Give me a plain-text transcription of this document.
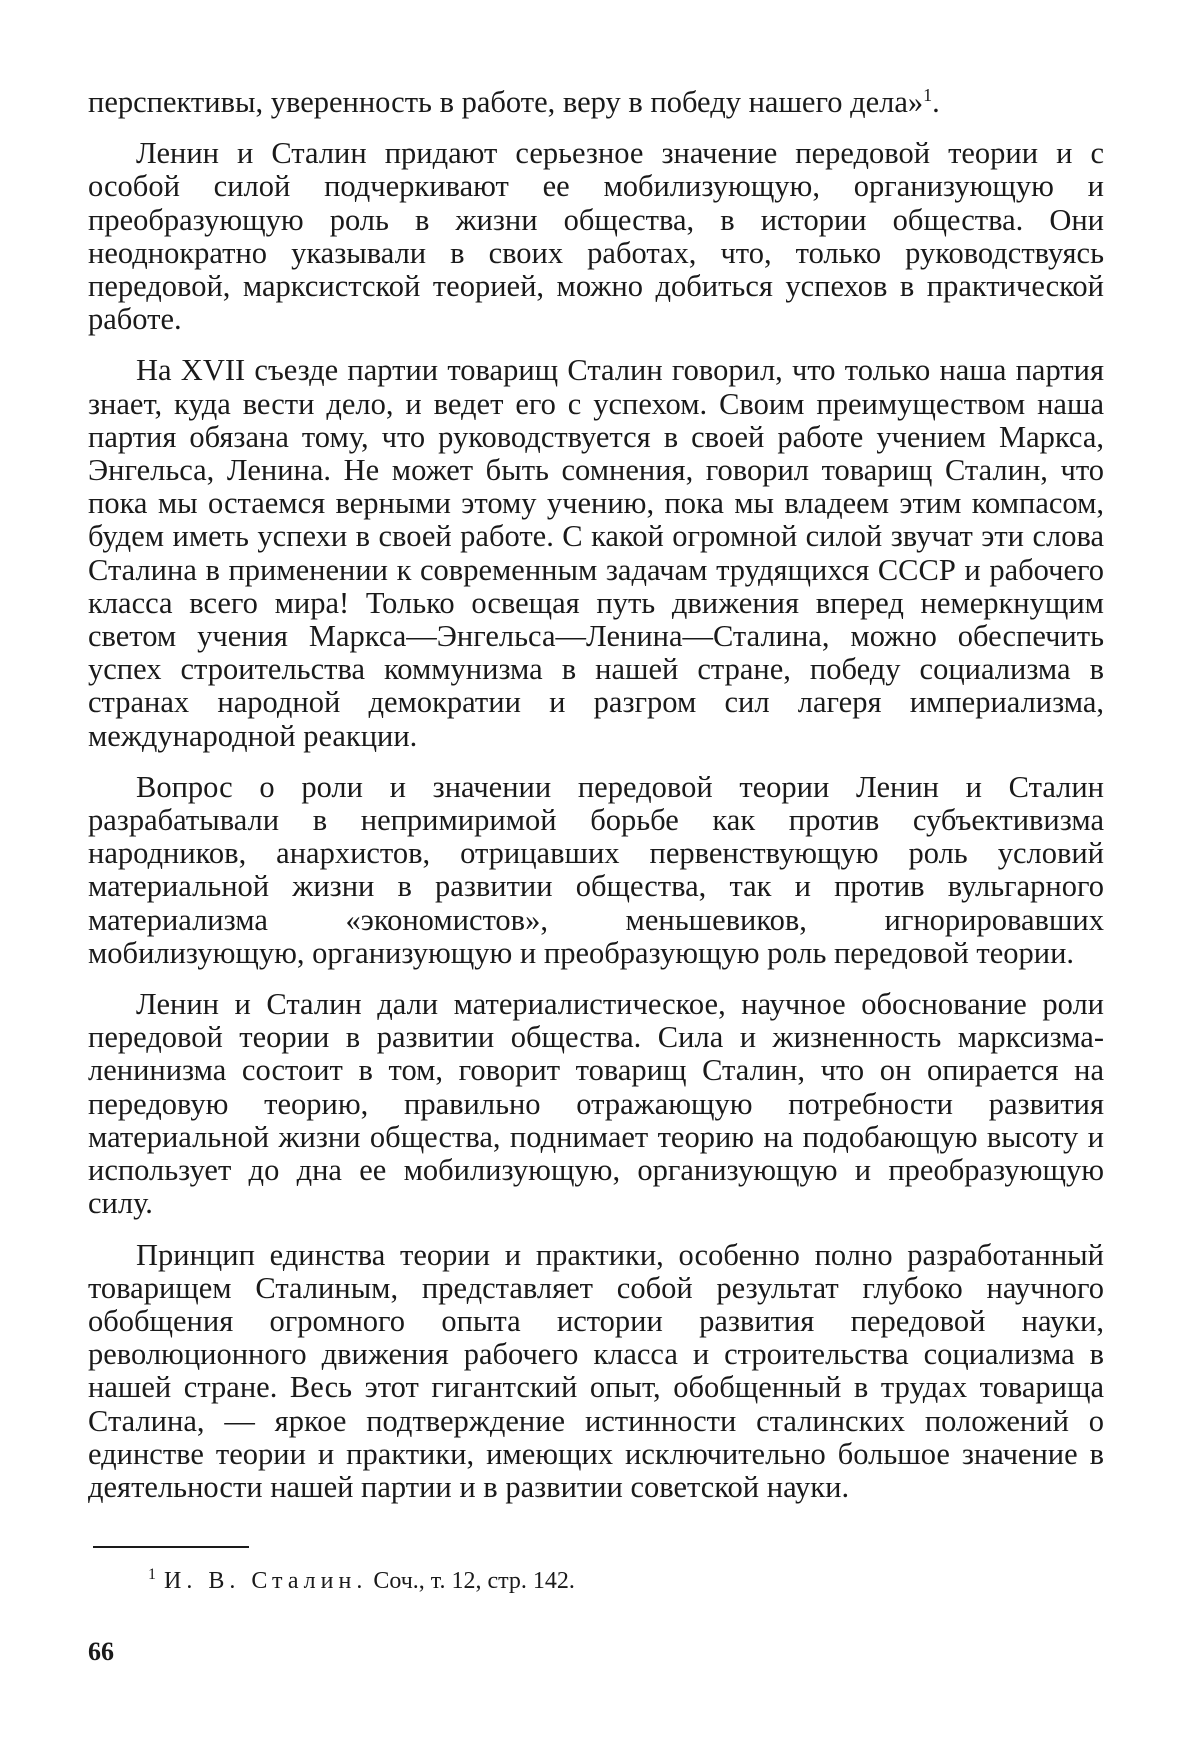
перспективы, уверенность в работе, веру в победу нашего дела»$^1$.

Ленин и Сталин придают серьезное значение передовой теории и с особой силой подчеркивают ее мобилизующую, организующую и преобразующую роль в жизни общества, в истории общества. Они неоднократно указывали в своих работах, что, только руководствуясь передовой, марксистской теорией, можно добиться успехов в практической работе.

На XVII съезде партии товарищ Сталин говорил, что только наша партия знает, куда вести дело, и ведет его с успехом. Своим преимуществом наша партия обязана тому, что руководствуется в своей работе учением Маркса, Энгельса, Ленина. Не может быть сомнения, говорил товарищ Сталин, что пока мы остаемся верными этому учению, пока мы владеем этим компасом, будем иметь успехи в своей работе. С какой огромной силой звучат эти слова Сталина в применении к современным задачам трудящихся СССР и рабочего класса всего мира! Только освещая путь движения вперед немеркнущим светом учения Маркса—Энгельса—Ленина—Сталина, можно обеспечить успех строительства коммунизма в нашей стране, победу социализма в странах народной демократии и разгром сил лагеря империализма, международной реакции.

Вопрос о роли и значении передовой теории Ленин и Сталин разрабатывали в непримиримой борьбе как против субъективизма народников, анархистов, отрицавших первенствующую роль условий материальной жизни в развитии общества, так и против вульгарного материализма «экономистов», меньшевиков, игнорировавших мобилизующую, организующую и преобразующую роль передовой теории.

Ленин и Сталин дали материалистическое, научное обоснование роли передовой теории в развитии общества. Сила и жизненность марксизма-ленинизма состоит в том, говорит товарищ Сталин, что он опирается на передовую теорию, правильно отражающую потребности развития материальной жизни общества, поднимает теорию на подобающую высоту и использует до дна ее мобилизующую, организующую и преобразующую силу.

Принцип единства теории и практики, особенно полно разработанный товарищем Сталиным, представляет собой результат глубоко научного обобщения огромного опыта истории развития передовой науки, революционного движения рабочего класса и строительства социализма в нашей стране. Весь этот гигантский опыт, обобщенный в трудах товарища Сталина, — яркое подтверждение истинности сталинских положений о единстве теории и практики, имеющих исключительно большое значение в деятельности нашей партии и в развитии советской науки.

$^1$ И. В. Сталин. Соч., т. 12, стр. 142.
66
